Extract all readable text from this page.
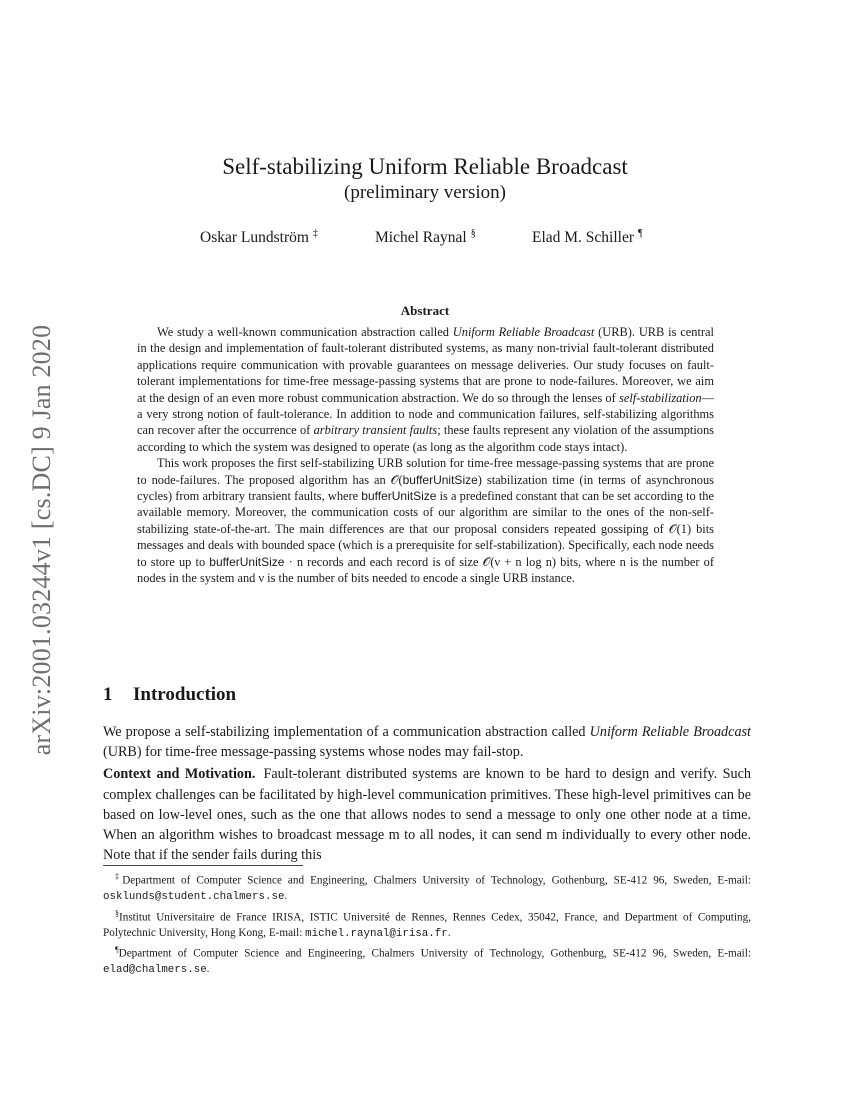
arXiv:2001.03244v1 [cs.DC] 9 Jan 2020
Self-stabilizing Uniform Reliable Broadcast
(preliminary version)
Oskar Lundström ‡	Michel Raynal §	Elad M. Schiller ¶
Abstract

We study a well-known communication abstraction called Uniform Reliable Broadcast (URB). URB is central in the design and implementation of fault-tolerant distributed systems, as many non-trivial fault-tolerant distributed applications require communication with provable guarantees on message deliveries. Our study focuses on fault-tolerant implementations for time-free message-passing systems that are prone to node-failures. Moreover, we aim at the design of an even more robust communication abstraction. We do so through the lenses of self-stabilization—a very strong notion of fault-tolerance. In addition to node and communication failures, self-stabilizing algorithms can recover after the occurrence of arbitrary transient faults; these faults represent any violation of the assumptions according to which the system was designed to operate (as long as the algorithm code stays intact).

This work proposes the first self-stabilizing URB solution for time-free message-passing systems that are prone to node-failures. The proposed algorithm has an 𝒪(bufferUnitSize) stabilization time (in terms of asynchronous cycles) from arbitrary transient faults, where bufferUnitSize is a predefined constant that can be set according to the available memory. Moreover, the communication costs of our algorithm are similar to the ones of the non-self-stabilizing state-of-the-art. The main differences are that our proposal considers repeated gossiping of 𝒪(1) bits messages and deals with bounded space (which is a prerequisite for self-stabilization). Specifically, each node needs to store up to bufferUnitSize · n records and each record is of size 𝒪(ν + n log n) bits, where n is the number of nodes in the system and ν is the number of bits needed to encode a single URB instance.

1 Introduction

We propose a self-stabilizing implementation of a communication abstraction called Uniform Reliable Broadcast (URB) for time-free message-passing systems whose nodes may fail-stop.

Context and Motivation. Fault-tolerant distributed systems are known to be hard to design and verify. Such complex challenges can be facilitated by high-level communication primitives. These high-level primitives can be based on low-level ones, such as the one that allows nodes to send a message to only one other node at a time. When an algorithm wishes to broadcast message m to all nodes, it can send m individually to every other node. Note that if the sender fails during this

‡Department of Computer Science and Engineering, Chalmers University of Technology, Gothenburg, SE-412 96, Sweden, E-mail: osklunds@student.chalmers.se.

§Institut Universitaire de France IRISA, ISTIC Université de Rennes, Rennes Cedex, 35042, France, and Department of Computing, Polytechnic University, Hong Kong, E-mail: michel.raynal@irisa.fr.

¶Department of Computer Science and Engineering, Chalmers University of Technology, Gothenburg, SE-412 96, Sweden, E-mail: elad@chalmers.se.
